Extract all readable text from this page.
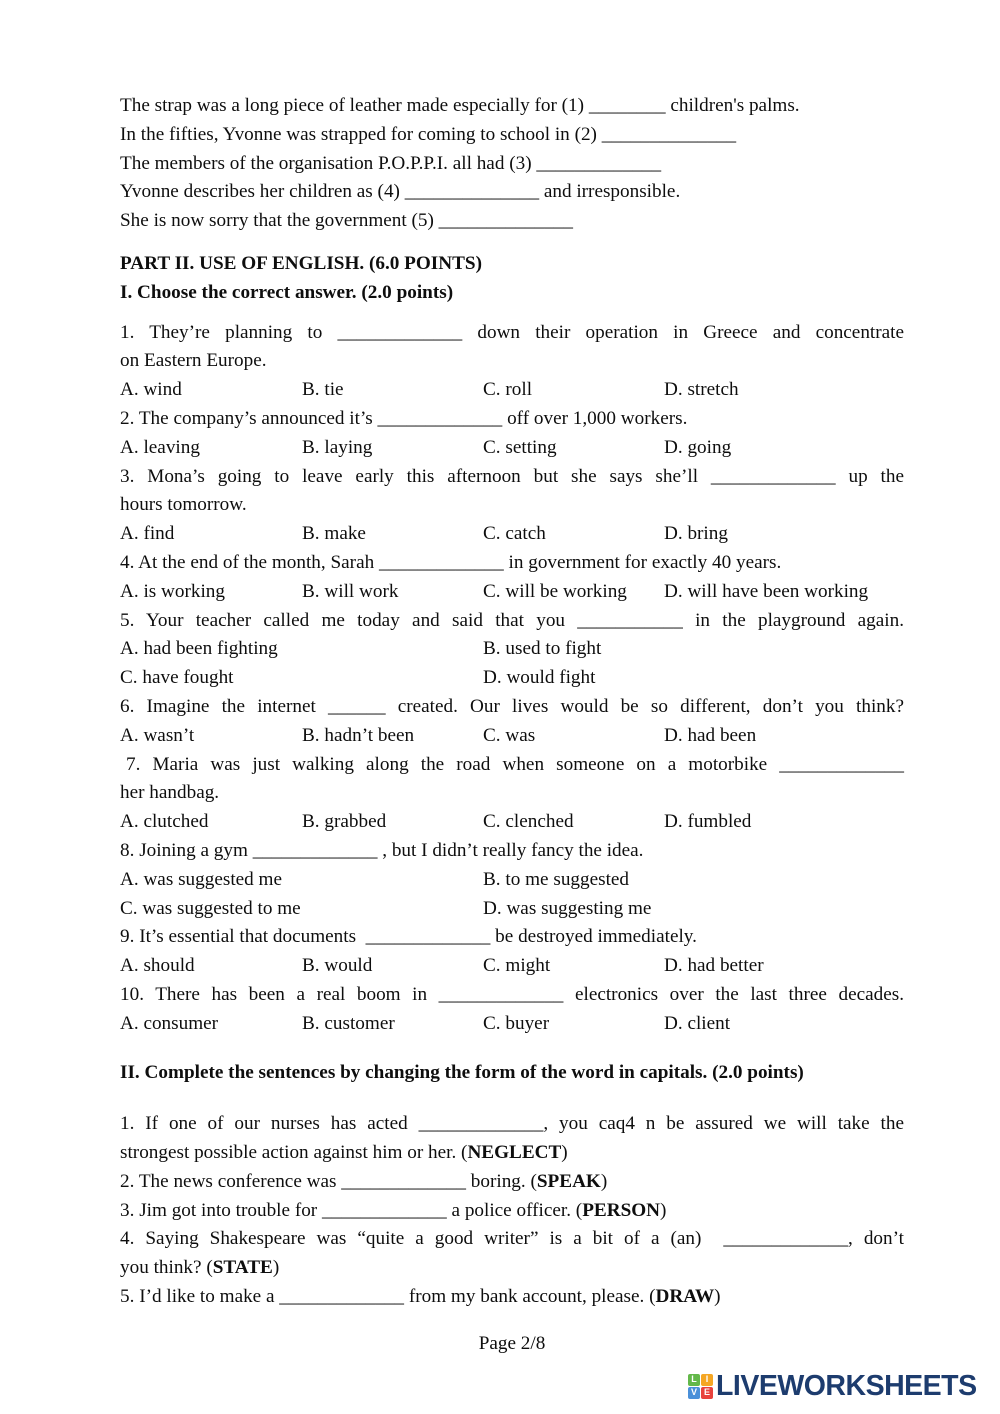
The strap was a long piece of leather made especially for (1) ________ children's palms.
In the fifties, Yvonne was strapped for coming to school in (2) ______________
The members of the organisation P.O.P.P.I. all had (3) _____________
Yvonne describes her children as (4) ______________ and irresponsible.
She is now sorry that the government (5) ______________
PART II. USE OF ENGLISH. (6.0 POINTS)
I. Choose the correct answer. (2.0 points)
1. They’re planning to _____________ down their operation in Greece and concentrate
on Eastern Europe.
A. wind	B. tie	C. roll	D. stretch
2. The company’s announced it’s _____________ off over 1,000 workers.
A. leaving	B. laying	C. setting	D. going
3. Mona’s going to leave early this afternoon but she says she’ll _____________ up the
hours tomorrow.
A. find	B. make	C. catch	D. bring
4. At the end of the month, Sarah _____________ in government for exactly 40 years.
A. is working	B. will work	C. will be working	D. will have been working
5. Your teacher called me today and said that you ___________ in the playground again.
A. had been fighting	B. used to fight
C. have fought	D. would fight
6. Imagine the internet ______ created. Our lives would be so different, don’t you think?
A. wasn’t	B. hadn’t been	C. was	D. had been
7. Maria was just walking along the road when someone on a motorbike _____________
her handbag.
A. clutched	B. grabbed	C. clenched	D. fumbled
8. Joining a gym _____________ , but I didn’t really fancy the idea.
A. was suggested me	B. to me suggested
C. was suggested to me	D. was suggesting me
9. It’s essential that documents  _____________ be destroyed immediately.
A. should	B. would	C. might	D. had better
10. There has been a real boom in _____________ electronics over the last three decades.
A. consumer	B. customer	C. buyer	D. client
II. Complete the sentences by changing the form of the word in capitals. (2.0 points)
1. If one of our nurses has acted _____________, you caq4 n be assured we will take the
strongest possible action against him or her. (NEGLECT)
2. The news conference was _____________ boring. (SPEAK)
3. Jim got into trouble for _____________ a police officer. (PERSON)
4. Saying Shakespeare was “quite a good writer” is a bit of a (an)  _____________, don’t
you think? (STATE)
5. I’d like to make a _____________ from my bank account, please. (DRAW)
Page 2/8
L I
V E LIVEWORKSHEETS
